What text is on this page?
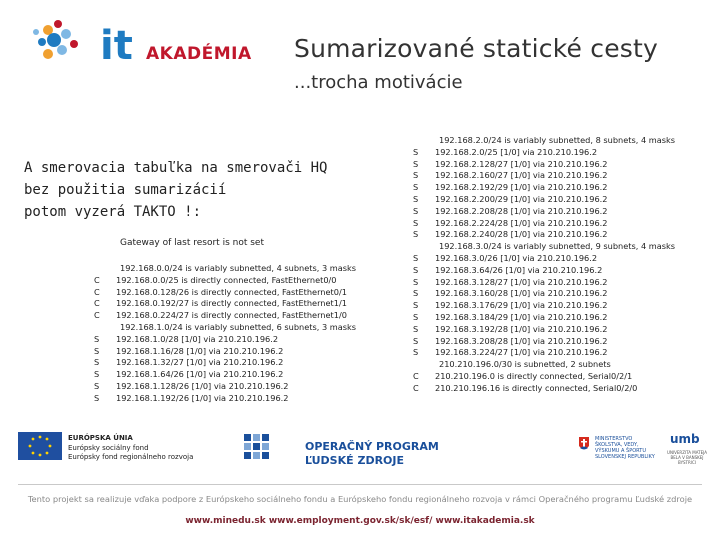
it AKADÉMIA Sumarizované statické cesty
...trocha motivácie
A smerovacia tabuľka na smerovači HQ
bez použitia sumarizácií
potom vyzerá TAKTO !:
Gateway of last resort is not set
192.168.0.0/24 is variably subnetted, 4 subnets, 3 masks
C	192.168.0.0/25 is directly connected, FastEthernet0/0
C	192.168.0.128/26 is directly connected, FastEthernet0/1
C	192.168.0.192/27 is directly connected, FastEthernet1/1
C	192.168.0.224/27 is directly connected, FastEthernet1/0
192.168.1.0/24 is variably subnetted, 6 subnets, 3 masks
S	192.168.1.0/28 [1/0] via 210.210.196.2
S	192.168.1.16/28 [1/0] via 210.210.196.2
S	192.168.1.32/27 [1/0] via 210.210.196.2
S	192.168.1.64/26 [1/0] via 210.210.196.2
S	192.168.1.128/26 [1/0] via 210.210.196.2
S	192.168.1.192/26 [1/0] via 210.210.196.2
192.168.2.0/24 is variably subnetted, 8 subnets, 4 masks
S	192.168.2.0/25 [1/0] via 210.210.196.2
S	192.168.2.128/27 [1/0] via 210.210.196.2
S	192.168.2.160/27 [1/0] via 210.210.196.2
S	192.168.2.192/29 [1/0] via 210.210.196.2
S	192.168.2.200/29 [1/0] via 210.210.196.2
S	192.168.2.208/28 [1/0] via 210.210.196.2
S	192.168.2.224/28 [1/0] via 210.210.196.2
S	192.168.2.240/28 [1/0] via 210.210.196.2
192.168.3.0/24 is variably subnetted, 9 subnets, 4 masks
S	192.168.3.0/26 [1/0] via 210.210.196.2
S	192.168.3.64/26 [1/0] via 210.210.196.2
S	192.168.3.128/27 [1/0] via 210.210.196.2
S	192.168.3.160/28 [1/0] via 210.210.196.2
S	192.168.3.176/29 [1/0] via 210.210.196.2
S	192.168.3.184/29 [1/0] via 210.210.196.2
S	192.168.3.192/28 [1/0] via 210.210.196.2
S	192.168.3.208/28 [1/0] via 210.210.196.2
S	192.168.3.224/27 [1/0] via 210.210.196.2
210.210.196.0/30 is subnetted, 2 subnets
C	210.210.196.0 is directly connected, Serial0/2/1
C	210.210.196.16 is directly connected, Serial0/2/0
EURÓPSKA ÚNIA
Európsky sociálny fond
Európsky fond regionálneho rozvoja
OPERAČNÝ PROGRAM
ĽUDSKÉ ZDROJE
MINISTERSTVO ŠKOLSTVA, VEDY, VÝSKUMU A ŠPORTU SLOVENSKEJ REPUBLIKY
umb
UNIVERZITA MATEJA BELA V BANSKEJ BYSTRICI
Tento projekt sa realizuje vďaka podpore z Európskeho sociálneho fondu a Európskeho fondu regionálneho rozvoja v rámci Operačného programu Ľudské zdroje
www.minedu.sk www.employment.gov.sk/sk/esf/ www.itakademia.sk
